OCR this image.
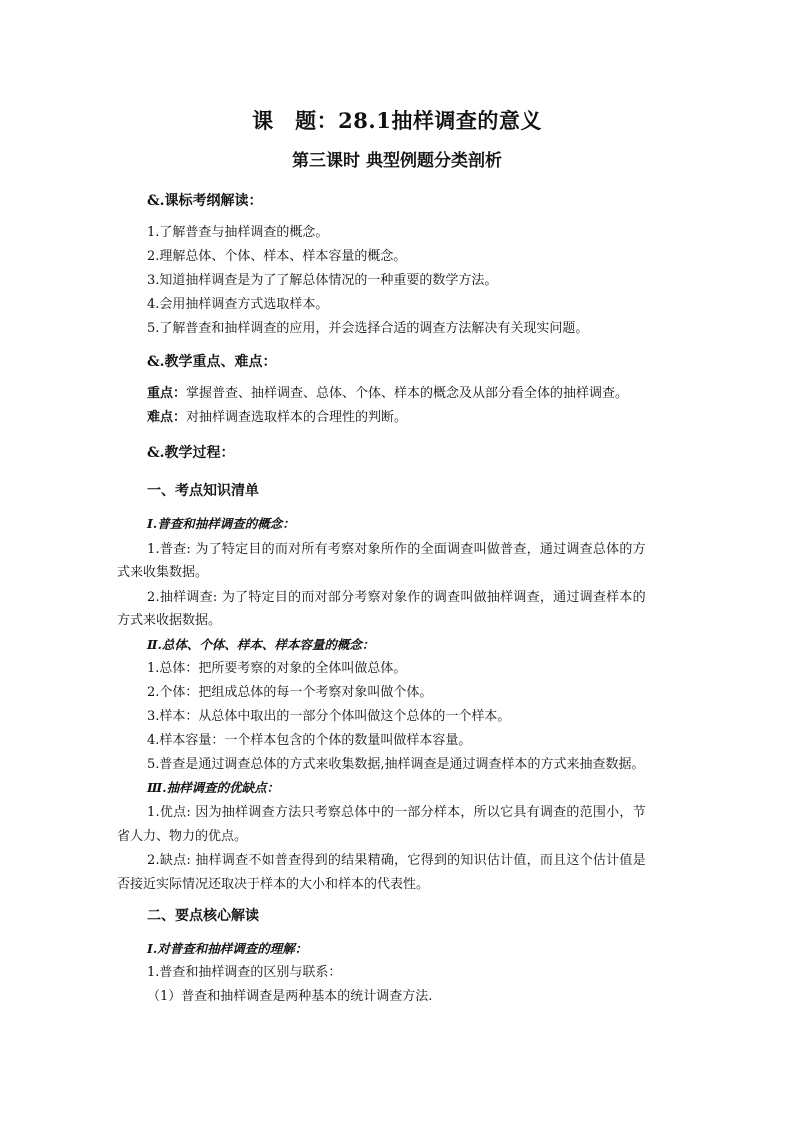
课　题：28.1抽样调查的意义
第三课时 典型例题分类剖析
&.课标考纲解读：
1.了解普查与抽样调查的概念。
2.理解总体、个体、样本、样本容量的概念。
3.知道抽样调查是为了了解总体情况的一种重要的数学方法。
4.会用抽样调查方式选取样本。
5.了解普查和抽样调查的应用，并会选择合适的调查方法解决有关现实问题。
&.教学重点、难点：
重点：掌握普查、抽样调查、总体、个体、样本的概念及从部分看全体的抽样调查。
难点：对抽样调查选取样本的合理性的判断。
&.教学过程：
一、考点知识清单
Ⅰ.普查和抽样调查的概念：
1.普查: 为了特定目的而对所有考察对象所作的全面调查叫做普查，通过调查总体的方
式来收集数据。
2.抽样调查: 为了特定目的而对部分考察对象作的调查叫做抽样调查，通过调查样本的
方式来收据数据。
Ⅱ.总体、个体、样本、样本容量的概念：
1.总体：把所要考察的对象的全体叫做总体。
2.个体：把组成总体的每一个考察对象叫做个体。
3.样本：从总体中取出的一部分个体叫做这个总体的一个样本。
4.样本容量：一个样本包含的个体的数量叫做样本容量。
5.普查是通过调查总体的方式来收集数据,抽样调查是通过调查样本的方式来抽查数据。
Ⅲ.抽样调查的优缺点：
1.优点: 因为抽样调查方法只考察总体中的一部分样本，所以它具有调查的范围小，节
省人力、物力的优点。
2.缺点: 抽样调查不如普查得到的结果精确，它得到的知识估计值，而且这个估计值是
否接近实际情况还取决于样本的大小和样本的代表性。
二、要点核心解读
Ⅰ.对普查和抽样调查的理解：
1.普查和抽样调查的区别与联系：
（1）普查和抽样调查是两种基本的统计调查方法.
